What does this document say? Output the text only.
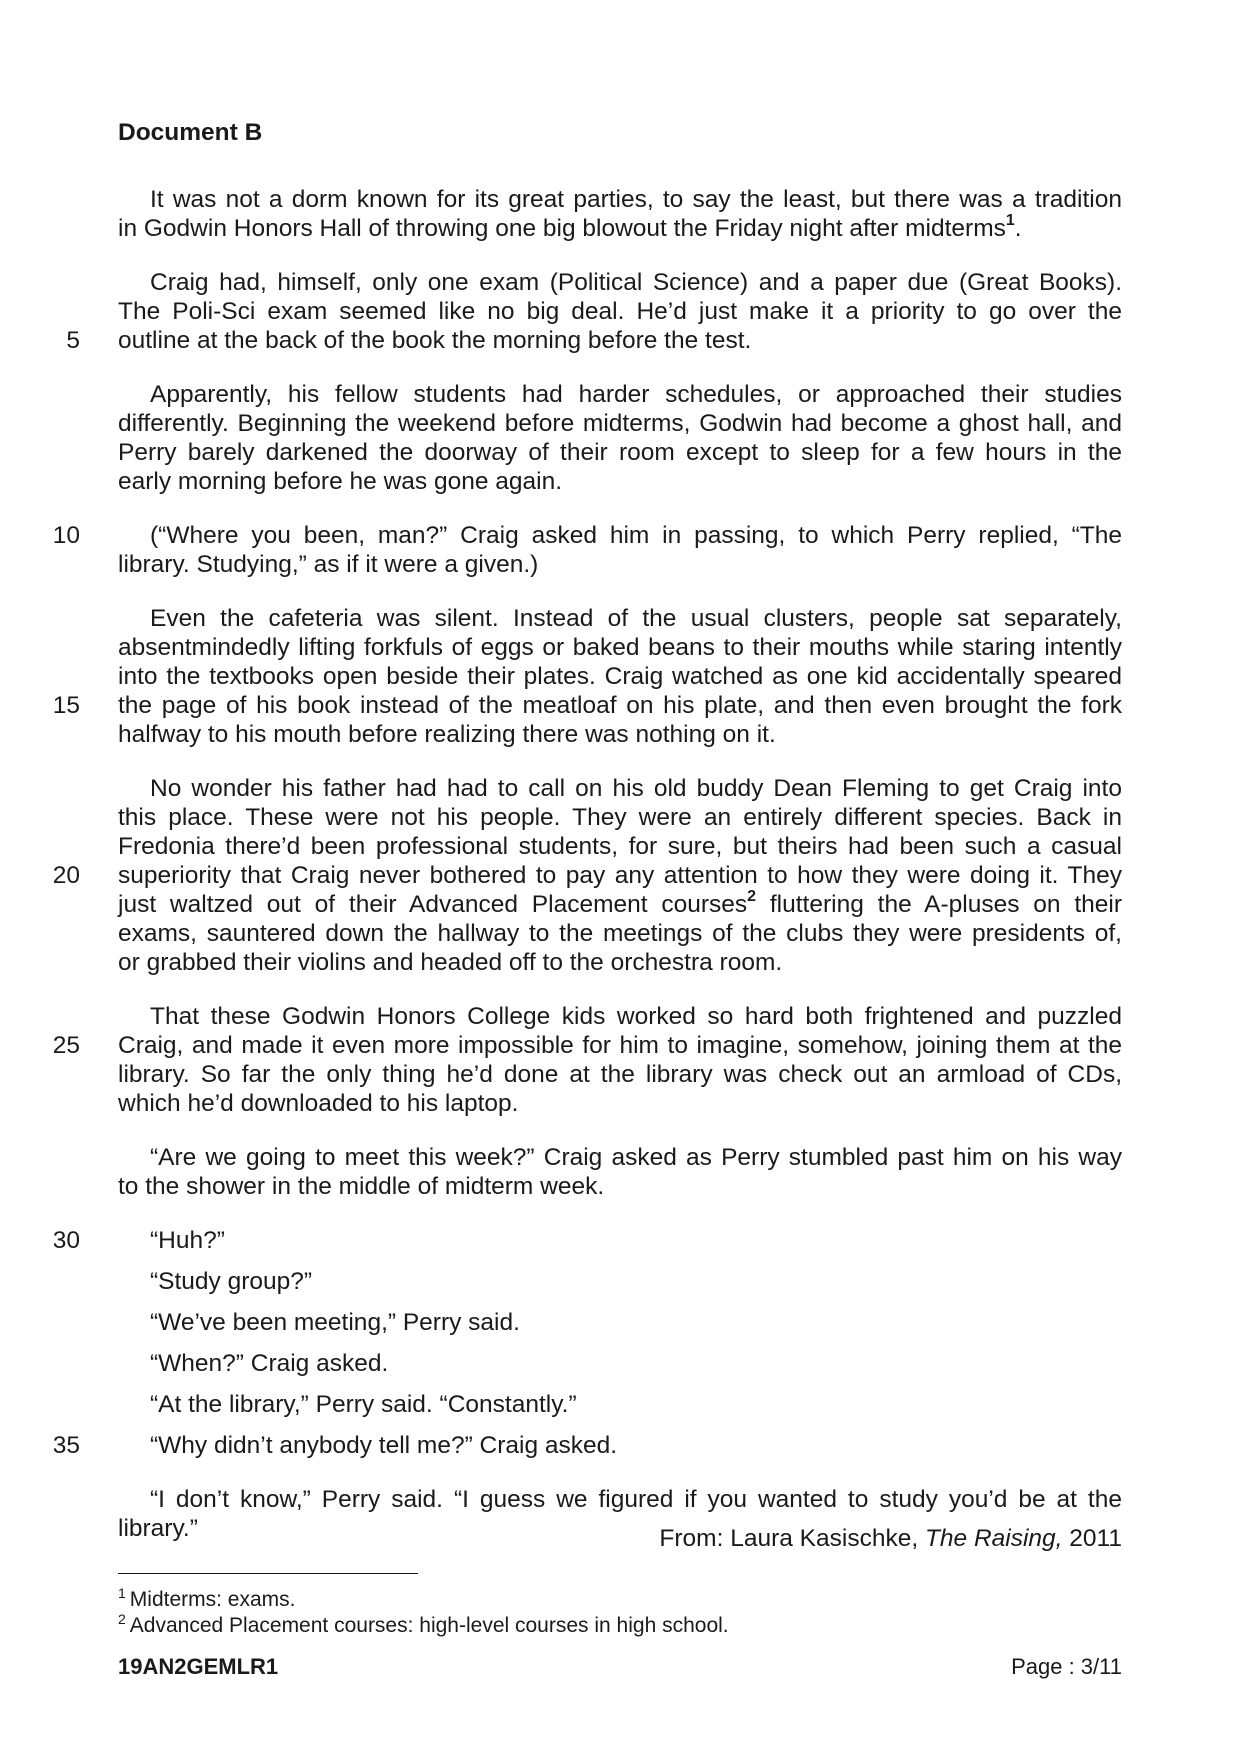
Document B

It was not a dorm known for its great parties, to say the least, but there was a tradition

in Godwin Honors Hall of throwing one big blowout the Friday night after midterms$^1$.

Craig had, himself, only one exam (Political Science) and a paper due (Great Books).

The Poli-Sci exam seemed like no big deal. He’d just make it a priority to go over the

outline at the back of the book the morning before the test.

Apparently, his fellow students had harder schedules, or approached their studies

differently. Beginning the weekend before midterms, Godwin had become a ghost hall, and

Perry barely darkened the doorway of their room except to sleep for a few hours in the

early morning before he was gone again.

(“Where you been, man?” Craig asked him in passing, to which Perry replied, “The

library. Studying,” as if it were a given.)

Even the cafeteria was silent. Instead of the usual clusters, people sat separately,

absentmindedly lifting forkfuls of eggs or baked beans to their mouths while staring intently

into the textbooks open beside their plates. Craig watched as one kid accidentally speared

the page of his book instead of the meatloaf on his plate, and then even brought the fork

halfway to his mouth before realizing there was nothing on it.

No wonder his father had had to call on his old buddy Dean Fleming to get Craig into

this place. These were not his people. They were an entirely different species. Back in

Fredonia there’d been professional students, for sure, but theirs had been such a casual

superiority that Craig never bothered to pay any attention to how they were doing it. They

just waltzed out of their Advanced Placement courses$^2$ fluttering the A-pluses on their

exams, sauntered down the hallway to the meetings of the clubs they were presidents of,

or grabbed their violins and headed off to the orchestra room.

That these Godwin Honors College kids worked so hard both frightened and puzzled

Craig, and made it even more impossible for him to imagine, somehow, joining them at the

library. So far the only thing he’d done at the library was check out an armload of CDs,

which he’d downloaded to his laptop.

“Are we going to meet this week?” Craig asked as Perry stumbled past him on his way

to the shower in the middle of midterm week.

“Huh?”

“Study group?”

“We’ve been meeting,” Perry said.

“When?” Craig asked.

“At the library,” Perry said. “Constantly.”

“Why didn’t anybody tell me?” Craig asked.

“I don’t know,” Perry said. “I guess we figured if you wanted to study you’d be at the

library.”

5

10

15

20

25

30

35

From: Laura Kasischke, The Raising, 2011

$^1$ Midterms: exams.

$^2$ Advanced Placement courses: high-level courses in high school.

19AN2GEMLR1	Page : 3/11
